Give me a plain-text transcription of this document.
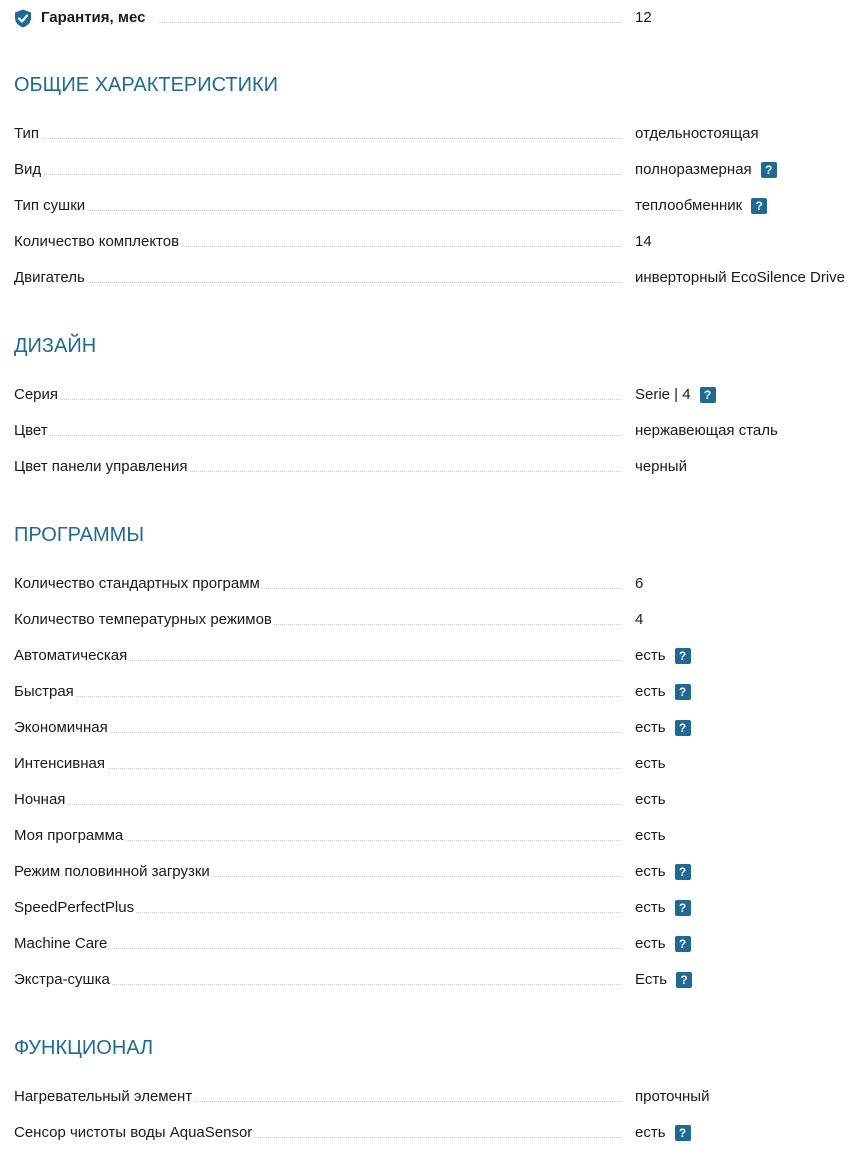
Гарантия, мес	12
ОБЩИЕ ХАРАКТЕРИСТИКИ
Тип	отдельностоящая
Вид	полноразмерная	?
Тип сушки	теплообменник	?
Количество комплектов	14
Двигатель	инверторный EcoSilence Drive
ДИЗАЙН
Серия	Serie | 4	?
Цвет	нержавеющая сталь
Цвет панели управления	черный
ПРОГРАММЫ
Количество стандартных программ	6
Количество температурных режимов	4
Автоматическая	есть	?
Быстрая	есть	?
Экономичная	есть	?
Интенсивная	есть
Ночная	есть
Моя программа	есть
Режим половинной загрузки	есть	?
SpeedPerfectPlus	есть	?
Machine Care	есть	?
Экстра-сушка	Есть	?
ФУНКЦИОНАЛ
Нагревательный элемент	проточный
Сенсор чистоты воды AquaSensor	есть	?
